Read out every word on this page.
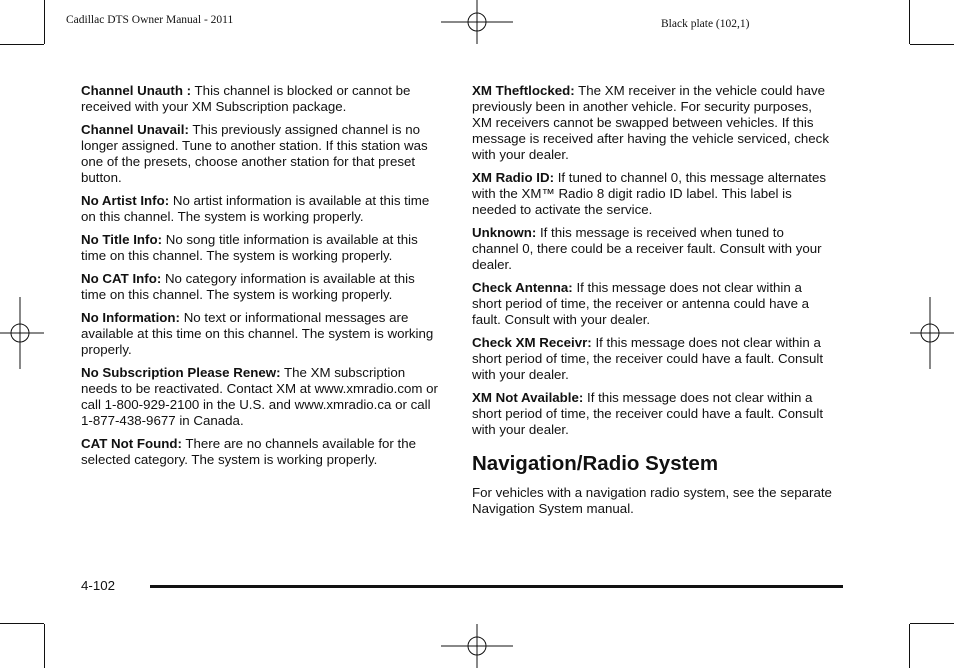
Cadillac DTS Owner Manual - 2011	Black plate (102,1)

Channel Unauth : This channel is blocked or cannot be received with your XM Subscription package.

Channel Unavail: This previously assigned channel is no longer assigned. Tune to another station. If this station was one of the presets, choose another station for that preset button.

No Artist Info: No artist information is available at this time on this channel. The system is working properly.

No Title Info: No song title information is available at this time on this channel. The system is working properly.

No CAT Info: No category information is available at this time on this channel. The system is working properly.

No Information: No text or informational messages are available at this time on this channel. The system is working properly.

No Subscription Please Renew: The XM subscription needs to be reactivated. Contact XM at www.xmradio.com or call 1-800-929-2100 in the U.S. and www.xmradio.ca or call 1-877-438-9677 in Canada.

CAT Not Found: There are no channels available for the selected category. The system is working properly.

XM Theftlocked: The XM receiver in the vehicle could have previously been in another vehicle. For security purposes, XM receivers cannot be swapped between vehicles. If this message is received after having the vehicle serviced, check with your dealer.

XM Radio ID: If tuned to channel 0, this message alternates with the XM™ Radio 8 digit radio ID label. This label is needed to activate the service.

Unknown: If this message is received when tuned to channel 0, there could be a receiver fault. Consult with your dealer.

Check Antenna: If this message does not clear within a short period of time, the receiver or antenna could have a fault. Consult with your dealer.

Check XM Receivr: If this message does not clear within a short period of time, the receiver could have a fault. Consult with your dealer.

XM Not Available: If this message does not clear within a short period of time, the receiver could have a fault. Consult with your dealer.

Navigation/Radio System

For vehicles with a navigation radio system, see the separate Navigation System manual.

4-102
